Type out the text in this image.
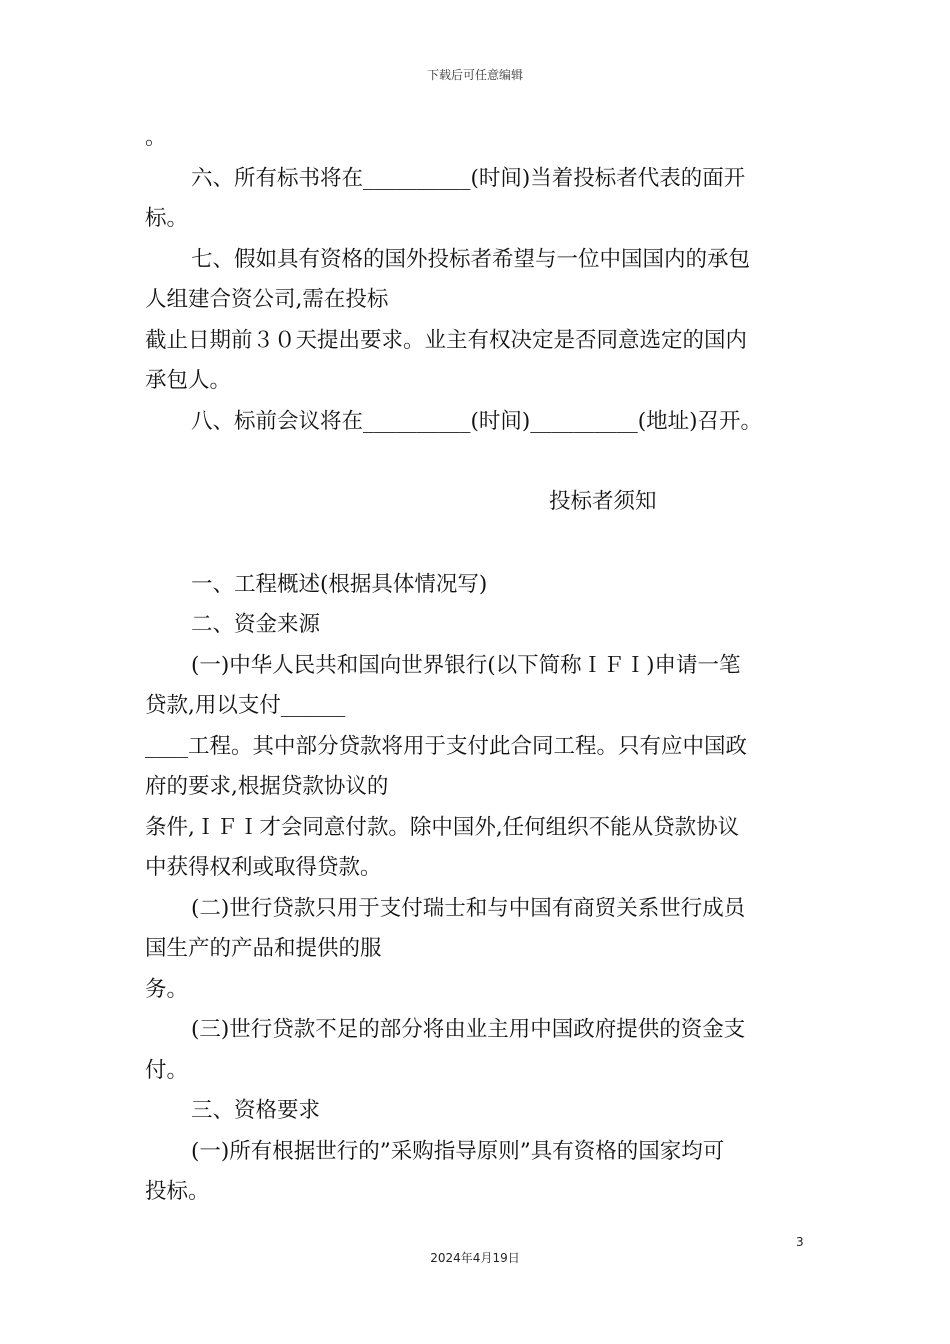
下载后可任意编辑

。

六、所有标书将在__________(时间)当着投标者代表的面开

标。

七、假如具有资格的国外投标者希望与一位中国国内的承包

人组建合资公司,需在投标

截止日期前３０天提出要求。业主有权决定是否同意选定的国内

承包人。

八、标前会议将在__________(时间)__________(地址)召开。

投标者须知

一、工程概述(根据具体情况写)

二、资金来源

(一)中华人民共和国向世界银行(以下简称ＩＦＩ)申请一笔

贷款,用以支付______

____工程。其中部分贷款将用于支付此合同工程。只有应中国政

府的要求,根据贷款协议的

条件,ＩＦＩ才会同意付款。除中国外,任何组织不能从贷款协议

中获得权利或取得贷款。

(二)世行贷款只用于支付瑞士和与中国有商贸关系世行成员

国生产的产品和提供的服

务。

(三)世行贷款不足的部分将由业主用中国政府提供的资金支

付。

三、资格要求

(一)所有根据世行的”采购指导原则”具有资格的国家均可

投标。

3
2024年4月19日
